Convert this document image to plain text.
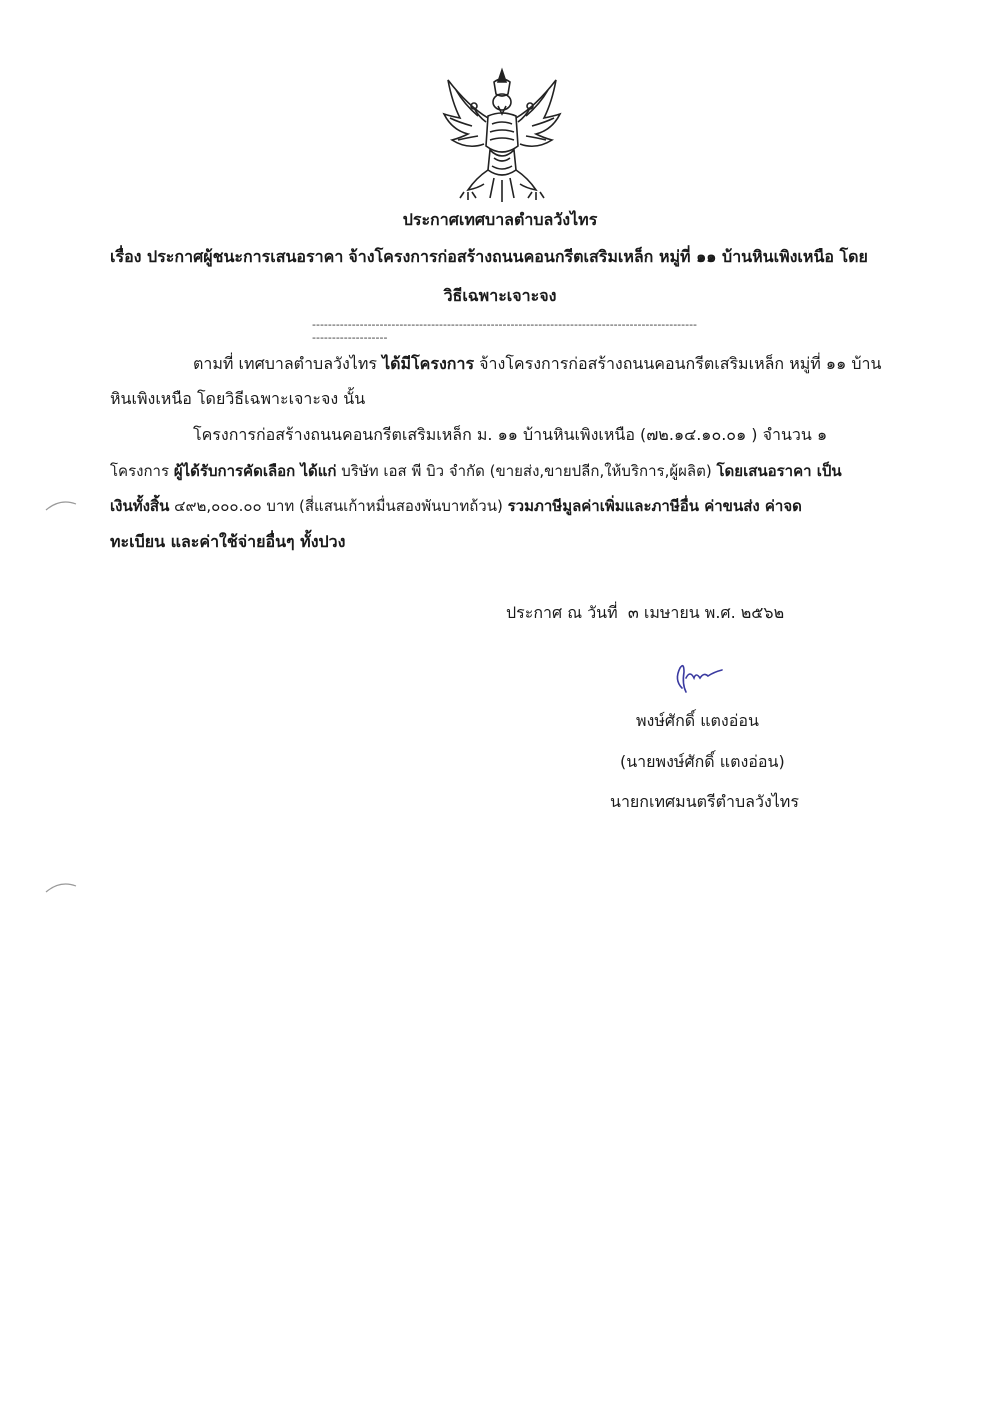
ประกาศเทศบาลตำบลวังไทร
เรื่อง ประกาศผู้ชนะการเสนอราคา จ้างโครงการก่อสร้างถนนคอนกรีตเสริมเหล็ก หมู่ที่ ๑๑ บ้านหินเพิงเหนือ โดย
วิธีเฉพาะเจาะจง
--------------------------------------------------------------------------------------------------------------------
ตามที่ เทศบาลตำบลวังไทร ได้มีโครงการ จ้างโครงการก่อสร้างถนนคอนกรีตเสริมเหล็ก หมู่ที่ ๑๑ บ้าน
หินเพิงเหนือ โดยวิธีเฉพาะเจาะจง นั้น
โครงการก่อสร้างถนนคอนกรีตเสริมเหล็ก ม. ๑๑ บ้านหินเพิงเหนือ (๗๒.๑๔.๑๐.๐๑ ) จำนวน ๑
โครงการ ผู้ได้รับการคัดเลือก ได้แก่ บริษัท เอส พี บิว จำกัด (ขายส่ง,ขายปลีก,ให้บริการ,ผู้ผลิต) โดยเสนอราคา เป็น
เงินทั้งสิ้น ๔๙๒,๐๐๐.๐๐ บาท (สี่แสนเก้าหมื่นสองพันบาทถ้วน) รวมภาษีมูลค่าเพิ่มและภาษีอื่น ค่าขนส่ง ค่าจด
ทะเบียน และค่าใช้จ่ายอื่นๆ ทั้งปวง
ประกาศ ณ วันที่ ๓ เมษายน พ.ศ. ๒๕๖๒
พงษ์ศักดิ์ แตงอ่อน
(นายพงษ์ศักดิ์ แตงอ่อน)
นายกเทศมนตรีตำบลวังไทร
